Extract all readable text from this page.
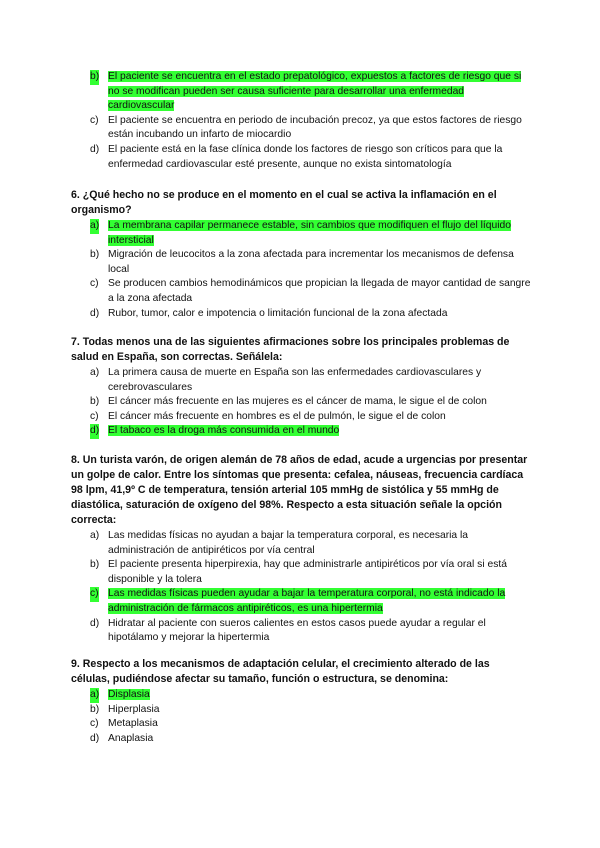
b) El paciente se encuentra en el estado prepatológico, expuestos a factores de riesgo que si no se modifican pueden ser causa suficiente para desarrollar una enfermedad cardiovascular
c) El paciente se encuentra en periodo de incubación precoz, ya que estos factores de riesgo están incubando un infarto de miocardio
d) El paciente está en la fase clínica donde los factores de riesgo son críticos para que la enfermedad cardiovascular esté presente, aunque no exista sintomatología
6. ¿Qué hecho no se produce en el momento en el cual se activa la inflamación en el organismo?
a) La membrana capilar permanece estable, sin cambios que modifiquen el flujo del líquido intersticial
b) Migración de leucocitos a la zona afectada para incrementar los mecanismos de defensa local
c) Se producen cambios hemodinámicos que propician la llegada de mayor cantidad de sangre a la zona afectada
d) Rubor, tumor, calor e impotencia o limitación funcional de la zona afectada
7. Todas menos una de las siguientes afirmaciones sobre los principales problemas de salud en España, son correctas. Señálela:
a) La primera causa de muerte en España son las enfermedades cardiovasculares y cerebrovasculares
b) El cáncer más frecuente en las mujeres es el cáncer de mama, le sigue el de colon
c) El cáncer más frecuente en hombres es el de pulmón, le sigue el de colon
d) El tabaco es la droga más consumida en el mundo
8. Un turista varón, de origen alemán de 78 años de edad, acude a urgencias por presentar un golpe de calor. Entre los síntomas que presenta: cefalea, náuseas, frecuencia cardíaca 98 lpm, 41,9º C de temperatura, tensión arterial 105 mmHg de sistólica y 55 mmHg de diastólica, saturación de oxígeno del 98%. Respecto a esta situación señale la opción correcta:
a) Las medidas físicas no ayudan a bajar la temperatura corporal, es necesaria la administración de antipiréticos por vía central
b) El paciente presenta hiperpirexia, hay que administrarle antipiréticos por vía oral si está disponible y la tolera
c) Las medidas físicas pueden ayudar a bajar la temperatura corporal, no está indicado la administración de fármacos antipiréticos, es una hipertermia
d) Hidratar al paciente con sueros calientes en estos casos puede ayudar a regular el hipotálamo y mejorar la hipertermia
9. Respecto a los mecanismos de adaptación celular, el crecimiento alterado de las células, pudiéndose afectar su tamaño, función o estructura, se denomina:
a) Displasia
b) Hiperplasia
c) Metaplasia
d) Anaplasia
